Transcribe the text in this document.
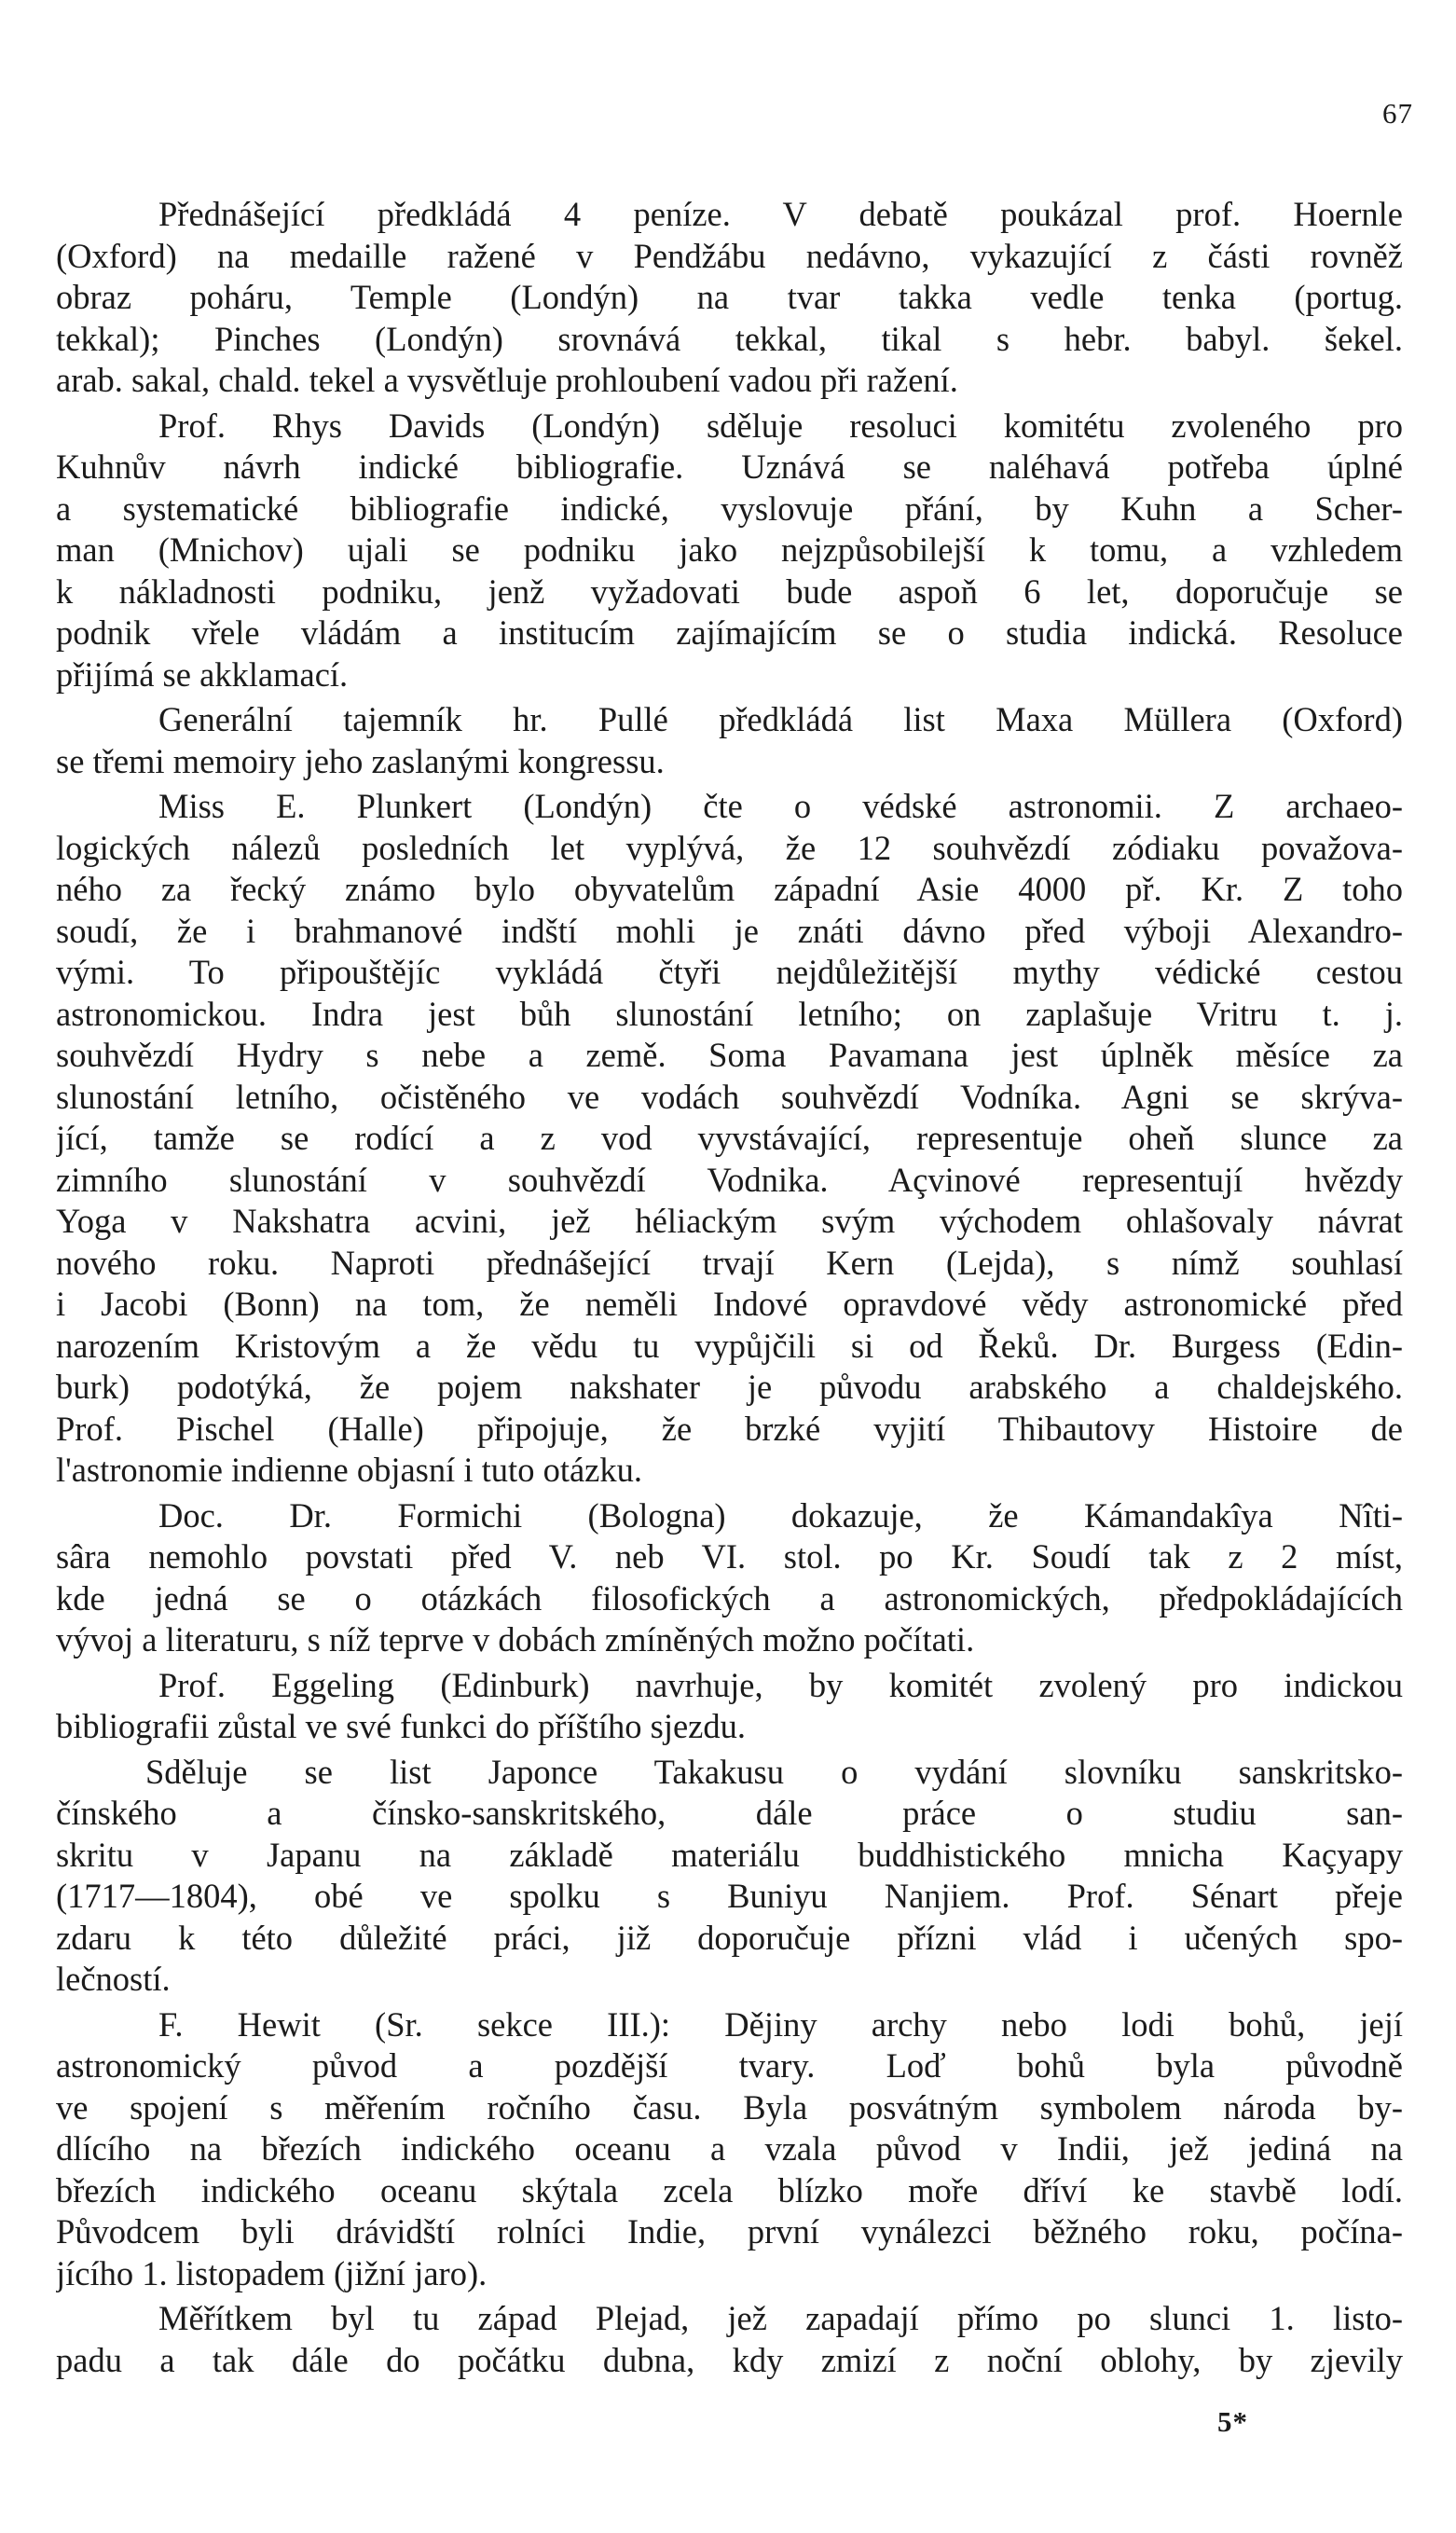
67
Přednášející předkládá 4 peníze. V debatě poukázal prof. Hoernle
(Oxford) na medaille ražené v Pendžábu nedávno, vykazující z části rovněž
obraz poháru, Temple (Londýn) na tvar takka vedle tenka (portug.
tekkal); Pinches (Londýn) srovnává tekkal, tikal s hebr. babyl. šekel.
arab. sakal, chald. tekel a vysvětluje prohloubení vadou při ražení.
Prof. Rhys Davids (Londýn) sděluje resoluci komitétu zvoleného pro
Kuhnův návrh indické bibliografie. Uznává se naléhavá potřeba úplné
a systematické bibliografie indické, vyslovuje přání, by Kuhn a Scher-
man (Mnichov) ujali se podniku jako nejzpůsobilejší k tomu, a vzhledem
k nákladnosti podniku, jenž vyžadovati bude aspoň 6 let, doporučuje se
podnik vřele vládám a institucím zajímajícím se o studia indická. Resoluce
přijímá se akklamací.
Generální tajemník hr. Pullé předkládá list Maxa Müllera (Oxford)
se třemi memoiry jeho zaslanými kongressu.
Miss E. Plunkert (Londýn) čte o védské astronomii. Z archaeo-
logických nálezů posledních let vyplývá, že 12 souhvězdí zódiaku považova-
ného za řecký známo bylo obyvatelům západní Asie 4000 př. Kr. Z toho
soudí, že i brahmanové indští mohli je znáti dávno před výboji Alexandro-
vými. To připouštějíc vykládá čtyři nejdůležitější mythy védické cestou
astronomickou. Indra jest bůh slunostání letního; on zaplašuje Vritru t. j.
souhvězdí Hydry s nebe a země. Soma Pavamana jest úplněk měsíce za
slunostání letního, očistěného ve vodách souhvězdí Vodníka. Agni se skrýva-
jící, tamže se rodící a z vod vyvstávající, representuje oheň slunce za
zimního slunostání v souhvězdí Vodnika. Açvinové representují hvězdy
Yoga v Nakshatra acvini, jež héliackým svým východem ohlašovaly návrat
nového roku. Naproti přednášející trvají Kern (Lejda), s nímž souhlasí
i Jacobi (Bonn) na tom, že neměli Indové opravdové vědy astronomické před
narozením Kristovým a že vědu tu vypůjčili si od Řeků. Dr. Burgess (Edin-
burk) podotýká, že pojem nakshater je původu arabského a chaldejského.
Prof. Pischel (Halle) připojuje, že brzké vyjití Thibautovy Histoire de
l'astronomie indienne objasní i tuto otázku.
Doc. Dr. Formichi (Bologna) dokazuje, že Kámandakîya Nîti-
sâra nemohlo povstati před V. neb VI. stol. po Kr. Soudí tak z 2 míst,
kde jedná se o otázkách filosofických a astronomických, předpokládajících
vývoj a literaturu, s níž teprve v dobách zmíněných možno počítati.
Prof. Eggeling (Edinburk) navrhuje, by komitét zvolený pro indickou
bibliografii zůstal ve své funkci do příštího sjezdu.
Sděluje se list Japonce Takakusu o vydání slovníku sanskritsko-
čínského a čínsko-sanskritského, dále práce o studiu san-
skritu v Japanu na základě materiálu buddhistického mnicha Kaçyapy
(1717—1804), obé ve spolku s Buniyu Nanjiem. Prof. Sénart přeje
zdaru k této důležité práci, již doporučuje přízni vlád i učených spo-
lečností.
F. Hewit (Sr. sekce III.): Dějiny archy nebo lodi bohů, její
astronomický původ a pozdější tvary. Loď bohů byla původně
ve spojení s měřením ročního času. Byla posvátným symbolem národa by-
dlícího na březích indického oceanu a vzala původ v Indii, jež jediná na
březích indického oceanu skýtala zcela blízko moře dříví ke stavbě lodí.
Původcem byli drávidští rolníci Indie, první vynálezci běžného roku, počína-
jícího 1. listopadem (jižní jaro).
Měřítkem byl tu západ Plejad, jež zapadají přímo po slunci 1. listo-
padu a tak dále do počátku dubna, kdy zmizí z noční oblohy, by zjevily
5*
